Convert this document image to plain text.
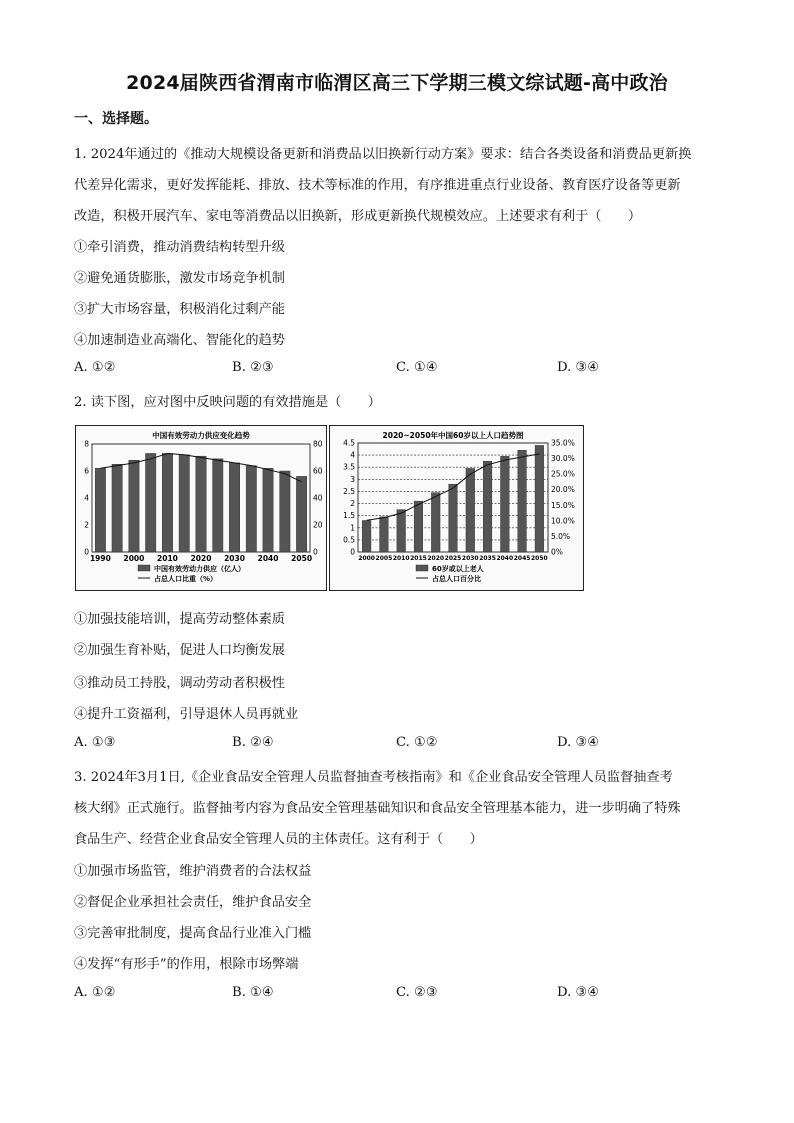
2024届陕西省渭南市临渭区高三下学期三模文综试题-高中政治
一、选择题。
1. 2024年通过的《推动大规模设备更新和消费品以旧换新行动方案》要求：结合各类设备和消费品更新换
代差异化需求，更好发挥能耗、排放、技术等标准的作用，有序推进重点行业设备、教育医疗设备等更新
改造，积极开展汽车、家电等消费品以旧换新，形成更新换代规模效应。上述要求有利于（　　）
①牵引消费，推动消费结构转型升级
②避免通货膨胀，激发市场竞争机制
③扩大市场容量，积极消化过剩产能
④加速制造业高端化、智能化的趋势
A. ①②	B. ②③	C. ①④	D. ③④
2. 读下图，应对图中反映问题的有效措施是（　　）
中国有效劳动力供应变化趋势
0
2
4
6
8
0
20
40
60
80
1990 2000 2010 2020 2030 2040 2050
中国有效劳动力供应（亿人）
占总人口比重（%）
2020~2050年中国60岁以上人口趋势图
0
0.5
1
1.5
2
2.5
3
3.5
4
4.5
0%
5.0%
10.0%
15.0%
20.0%
25.0%
30.0%
35.0%
2000 2005 2010 2015 2020 2025 2030 2035 2040 2045 2050
60岁或以上老人
占总人口百分比
①加强技能培训，提高劳动整体素质
②加强生育补贴，促进人口均衡发展
③推动员工持股，调动劳动者积极性
④提升工资福利，引导退休人员再就业
A. ①③	B. ②④	C. ①②	D. ③④
3. 2024年3月1日,《企业食品安全管理人员监督抽查考核指南》和《企业食品安全管理人员监督抽查考
核大纲》正式施行。监督抽考内容为食品安全管理基础知识和食品安全管理基本能力，进一步明确了特殊
食品生产、经营企业食品安全管理人员的主体责任。这有利于（　　）
①加强市场监管，维护消费者的合法权益
②督促企业承担社会责任，维护食品安全
③完善审批制度，提高食品行业准入门槛
④发挥“有形手”的作用，根除市场弊端
A. ①②	B. ①④	C. ②③	D. ③④
